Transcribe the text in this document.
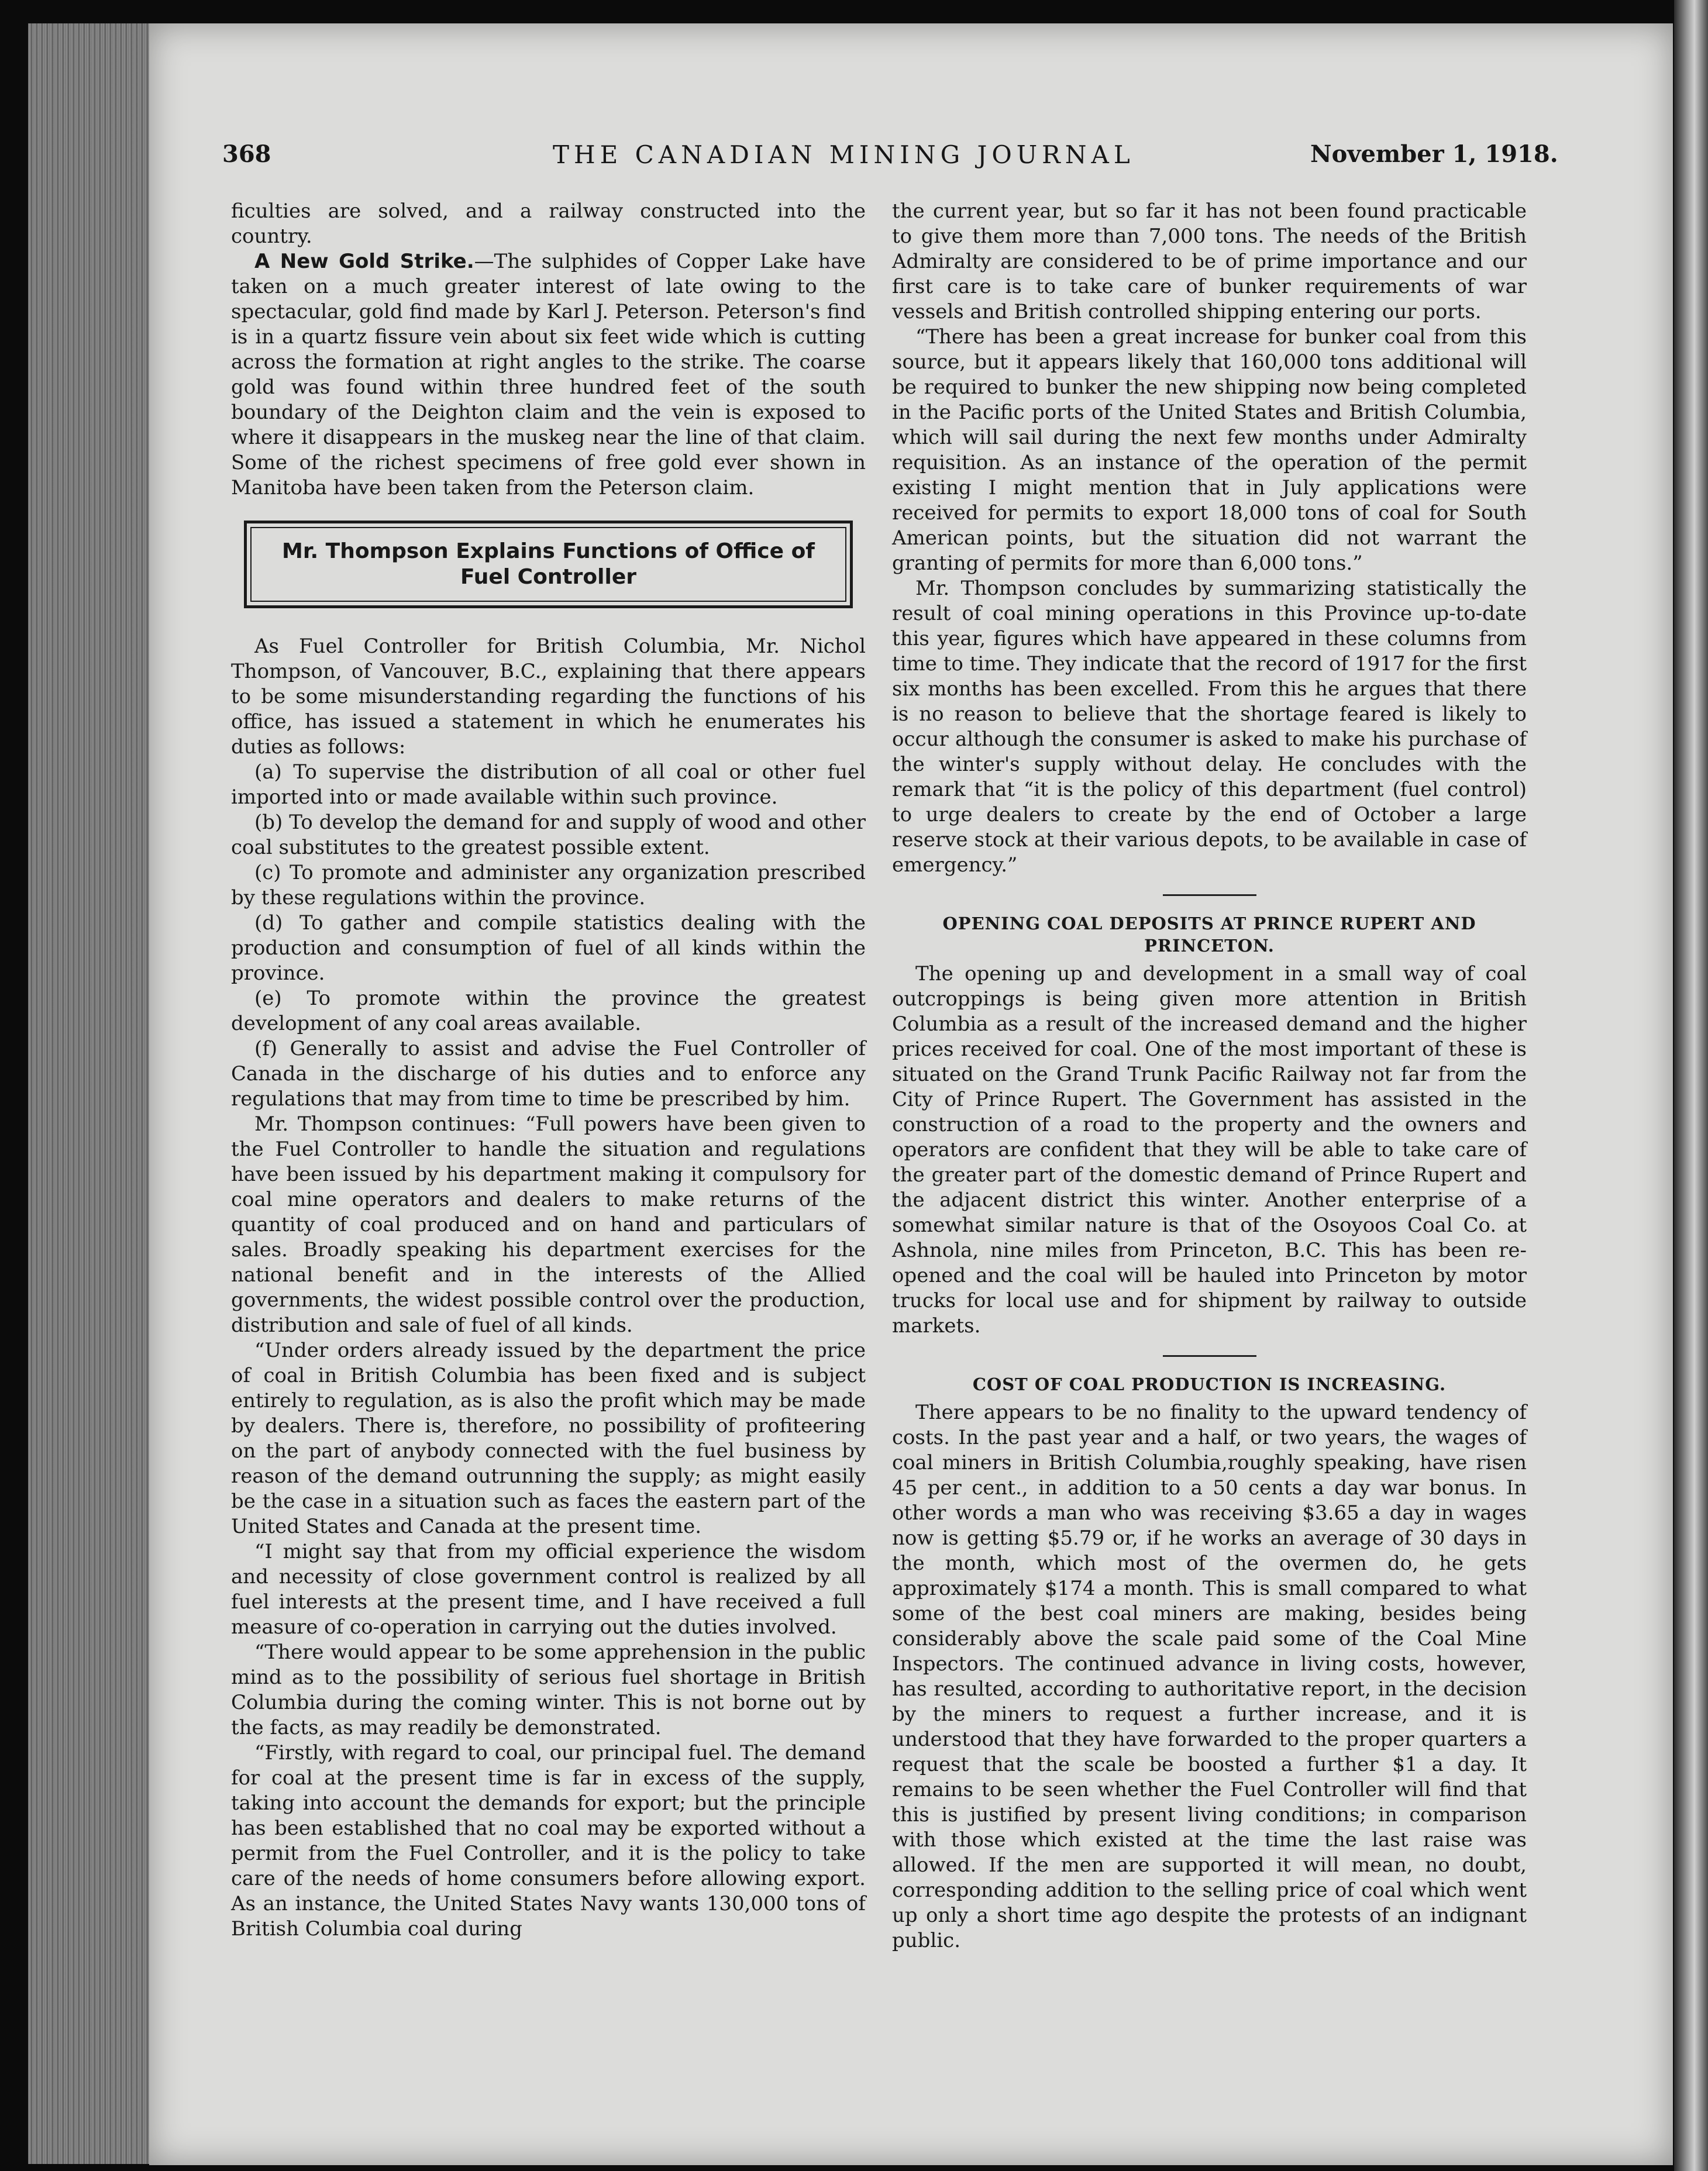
368	THE CANADIAN MINING JOURNAL	November 1, 1918.

ficulties are solved, and a railway constructed into the country.

A New Gold Strike.—The sulphides of Copper Lake have taken on a much greater interest of late owing to the spectacular, gold find made by Karl J. Peterson. Peterson's find is in a quartz fissure vein about six feet wide which is cutting across the formation at right angles to the strike. The coarse gold was found within three hundred feet of the south boundary of the Deighton claim and the vein is exposed to where it disappears in the muskeg near the line of that claim. Some of the richest specimens of free gold ever shown in Manitoba have been taken from the Peterson claim.

Mr. Thompson Explains Functions of Office of Fuel Controller

As Fuel Controller for British Columbia, Mr. Nichol Thompson, of Vancouver, B.C., explaining that there appears to be some misunderstanding regarding the functions of his office, has issued a statement in which he enumerates his duties as follows:

(a) To supervise the distribution of all coal or other fuel imported into or made available within such province.

(b) To develop the demand for and supply of wood and other coal substitutes to the greatest possible extent.

(c) To promote and administer any organization prescribed by these regulations within the province.

(d) To gather and compile statistics dealing with the production and consumption of fuel of all kinds within the province.

(e) To promote within the province the greatest development of any coal areas available.

(f) Generally to assist and advise the Fuel Controller of Canada in the discharge of his duties and to enforce any regulations that may from time to time be prescribed by him.

Mr. Thompson continues: “Full powers have been given to the Fuel Controller to handle the situation and regulations have been issued by his department making it compulsory for coal mine operators and dealers to make returns of the quantity of coal produced and on hand and particulars of sales. Broadly speaking his department exercises for the national benefit and in the interests of the Allied governments, the widest possible control over the production, distribution and sale of fuel of all kinds.

“Under orders already issued by the department the price of coal in British Columbia has been fixed and is subject entirely to regulation, as is also the profit which may be made by dealers. There is, therefore, no possibility of profiteering on the part of anybody connected with the fuel business by reason of the demand outrunning the supply; as might easily be the case in a situation such as faces the eastern part of the United States and Canada at the present time.

“I might say that from my official experience the wisdom and necessity of close government control is realized by all fuel interests at the present time, and I have received a full measure of co-operation in carrying out the duties involved.

“There would appear to be some apprehension in the public mind as to the possibility of serious fuel shortage in British Columbia during the coming winter. This is not borne out by the facts, as may readily be demonstrated.

“Firstly, with regard to coal, our principal fuel. The demand for coal at the present time is far in excess of the supply, taking into account the demands for export; but the principle has been established that no coal may be exported without a permit from the Fuel Controller, and it is the policy to take care of the needs of home consumers before allowing export. As an instance, the United States Navy wants 130,000 tons of British Columbia coal during

the current year, but so far it has not been found practicable to give them more than 7,000 tons. The needs of the British Admiralty are considered to be of prime importance and our first care is to take care of bunker requirements of war vessels and British controlled shipping entering our ports.

“There has been a great increase for bunker coal from this source, but it appears likely that 160,000 tons additional will be required to bunker the new shipping now being completed in the Pacific ports of the United States and British Columbia, which will sail during the next few months under Admiralty requisition. As an instance of the operation of the permit existing I might mention that in July applications were received for permits to export 18,000 tons of coal for South American points, but the situation did not warrant the granting of permits for more than 6,000 tons.”

Mr. Thompson concludes by summarizing statistically the result of coal mining operations in this Province up-to-date this year, figures which have appeared in these columns from time to time. They indicate that the record of 1917 for the first six months has been excelled. From this he argues that there is no reason to believe that the shortage feared is likely to occur although the consumer is asked to make his purchase of the winter's supply without delay. He concludes with the remark that “it is the policy of this department (fuel control) to urge dealers to create by the end of October a large reserve stock at their various depots, to be available in case of emergency.”

OPENING COAL DEPOSITS AT PRINCE RUPERT AND PRINCETON.

The opening up and development in a small way of coal outcroppings is being given more attention in British Columbia as a result of the increased demand and the higher prices received for coal. One of the most important of these is situated on the Grand Trunk Pacific Railway not far from the City of Prince Rupert. The Government has assisted in the construction of a road to the property and the owners and operators are confident that they will be able to take care of the greater part of the domestic demand of Prince Rupert and the adjacent district this winter. Another enterprise of a somewhat similar nature is that of the Osoyoos Coal Co. at Ashnola, nine miles from Princeton, B.C. This has been re-opened and the coal will be hauled into Princeton by motor trucks for local use and for shipment by railway to outside markets.

COST OF COAL PRODUCTION IS INCREASING.

There appears to be no finality to the upward tendency of costs. In the past year and a half, or two years, the wages of coal miners in British Columbia,roughly speaking, have risen 45 per cent., in addition to a 50 cents a day war bonus. In other words a man who was receiving $3.65 a day in wages now is getting $5.79 or, if he works an average of 30 days in the month, which most of the overmen do, he gets approximately $174 a month. This is small compared to what some of the best coal miners are making, besides being considerably above the scale paid some of the Coal Mine Inspectors. The continued advance in living costs, however, has resulted, according to authoritative report, in the decision by the miners to request a further increase, and it is understood that they have forwarded to the proper quarters a request that the scale be boosted a further $1 a day. It remains to be seen whether the Fuel Controller will find that this is justified by present living conditions; in comparison with those which existed at the time the last raise was allowed. If the men are supported it will mean, no doubt, corresponding addition to the selling price of coal which went up only a short time ago despite the protests of an indignant public.
